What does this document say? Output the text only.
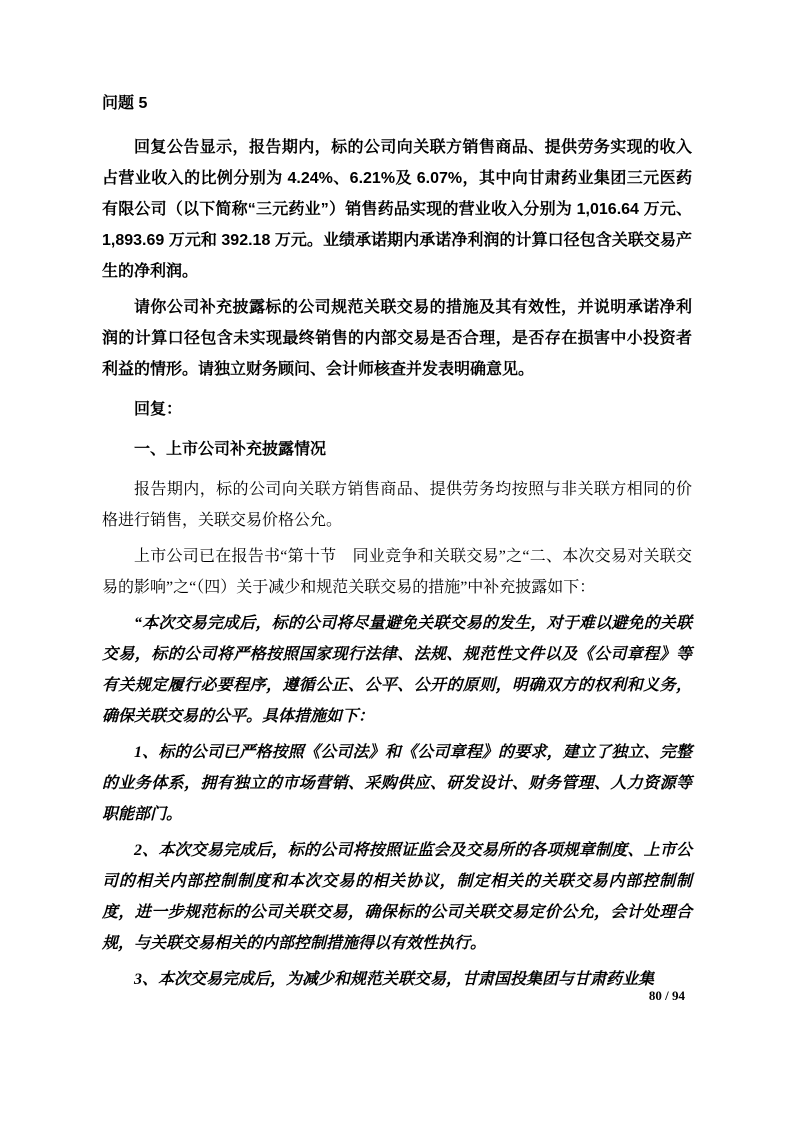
问题 5

回复公告显示，报告期内，标的公司向关联方销售商品、提供劳务实现的收入占营业收入的比例分别为 4.24%、6.21%及 6.07%，其中向甘肃药业集团三元医药有限公司（以下简称“三元药业”）销售药品实现的营业收入分别为 1,016.64 万元、1,893.69 万元和 392.18 万元。业绩承诺期内承诺净利润的计算口径包含关联交易产生的净利润。

请你公司补充披露标的公司规范关联交易的措施及其有效性，并说明承诺净利润的计算口径包含未实现最终销售的内部交易是否合理，是否存在损害中小投资者利益的情形。请独立财务顾问、会计师核查并发表明确意见。

回复：

一、上市公司补充披露情况

报告期内，标的公司向关联方销售商品、提供劳务均按照与非关联方相同的价格进行销售，关联交易价格公允。

上市公司已在报告书“第十节　同业竞争和关联交易”之“二、本次交易对关联交易的影响”之“（四）关于减少和规范关联交易的措施”中补充披露如下：

“本次交易完成后，标的公司将尽量避免关联交易的发生，对于难以避免的关联交易，标的公司将严格按照国家现行法律、法规、规范性文件以及《公司章程》等有关规定履行必要程序，遵循公正、公平、公开的原则，明确双方的权利和义务，确保关联交易的公平。具体措施如下：

1、标的公司已严格按照《公司法》和《公司章程》的要求，建立了独立、完整的业务体系，拥有独立的市场营销、采购供应、研发设计、财务管理、人力资源等职能部门。

2、本次交易完成后，标的公司将按照证监会及交易所的各项规章制度、上市公司的相关内部控制制度和本次交易的相关协议，制定相关的关联交易内部控制制度，进一步规范标的公司关联交易，确保标的公司关联交易定价公允，会计处理合规，与关联交易相关的内部控制措施得以有效性执行。

3、本次交易完成后，为减少和规范关联交易，甘肃国投集团与甘肃药业集

80 / 94
